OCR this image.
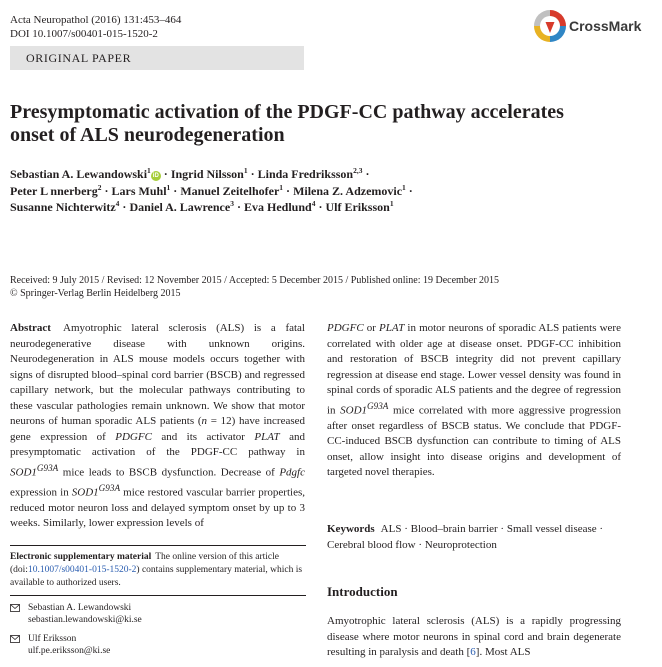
Acta Neuropathol (2016) 131:453–464
DOI 10.1007/s00401-015-1520-2	CrossMark
ORIGINAL PAPER
Presymptomatic activation of the PDGF-CC pathway accelerates
onset of ALS neurodegeneration
Sebastian A. Lewandowski$^1$iD · Ingrid Nilsson$^1$ · Linda Fredriksson$^{2,3}$ ·
Peter L nnerberg$^2$ · Lars Muhl$^1$ · Manuel Zeitelhofer$^1$ · Milena Z. Adzemovic$^1$ ·
Susanne Nichterwitz$^4$ · Daniel A. Lawrence$^3$ · Eva Hedlund$^4$ · Ulf Eriksson$^1$
Received: 9 July 2015 / Revised: 12 November 2015 / Accepted: 5 December 2015 / Published online: 19 December 2015
© Springer-Verlag Berlin Heidelberg 2015
Abstract Amyotrophic lateral sclerosis (ALS) is a fatal neurodegenerative disease with unknown origins. Neurodegeneration in ALS mouse models occurs together with signs of disrupted blood–spinal cord barrier (BSCB) and regressed capillary network, but the molecular pathways contributing to these vascular pathologies remain unknown. We show that motor neurons of human sporadic ALS patients (n = 12) have increased gene expression of PDGFC and its activator PLAT and presymptomatic activation of the PDGF-CC pathway in $SOD1^{G93A}$ mice leads to BSCB dysfunction. Decrease of Pdgfc expression in $SOD1^{G93A}$ mice restored vascular barrier properties, reduced motor neuron loss and delayed symptom onset by up to 3 weeks. Similarly, lower expression levels of
PDGFC or PLAT in motor neurons of sporadic ALS patients were correlated with older age at disease onset. PDGF-CC inhibition and restoration of BSCB integrity did not prevent capillary regression at disease end stage. Lower vessel density was found in spinal cords of sporadic ALS patients and the degree of regression in $SOD1^{G93A}$ mice correlated with more aggressive progression after onset regardless of BSCB status. We conclude that PDGF-CC-induced BSCB dysfunction can contribute to timing of ALS onset, allow insight into disease origins and development of targeted novel therapies.
Keywords ALS · Blood–brain barrier · Small vessel disease · Cerebral blood flow · Neuroprotection
Electronic supplementary material The online version of this article (doi:10.1007/s00401-015-1520-2) contains supplementary material, which is available to authorized users.
Sebastian A. Lewandowski
sebastian.lewandowski@ki.se
Ulf Eriksson
ulf.pe.eriksson@ki.se
Introduction
Amyotrophic lateral sclerosis (ALS) is a rapidly progressing disease where motor neurons in spinal cord and brain degenerate resulting in paralysis and death [6]. Most ALS
